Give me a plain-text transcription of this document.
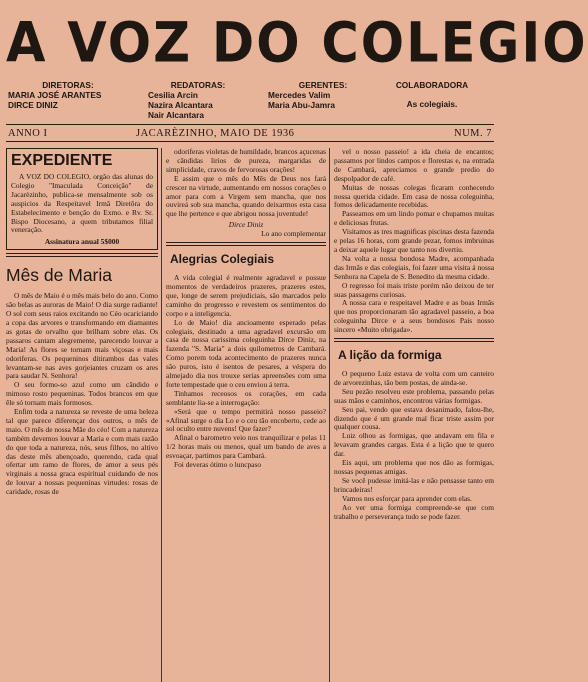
A VOZ DO COLEGIO
DIRETORAS:
MARIA JOSÉ ARANTES
DIRCE DINIZ
REDATORAS:
Cesilia Arcin
Nazira Alcantara
Nair Alcantara
GERENTES:
Mercedes Valim
Maria Abu-Jamra
COLABORADORA
As colegiais.
ANNO I	JACARÈZINHO, MAIO DE 1936	NUM. 7
EXPEDIENTE

A VOZ DO COLEGIO, orgão das alunas do Colegio "Imaculada Conceição" de Jacarèzinho, publica-se mensalmente sob os auspicios da Respeitavel Irmã Diretôra do Estabelecimento e benção do Exmo. e Rv. Sr. Bispo Diocesano, a quem tributamos filial veneração.

Assinatura anual 5$000

Mês de Maria

O mês de Maio é o mês mais belo do ano. Como são belas as auroras de Maio! O dia surge radiante! O sol com seus raios excitando no Céo ocariciando a copa das arvores e transformando em diamantes as gotas de orvalho que brilham sobre elas. Os passaros cantam alegremente, parecendo louvar a Maria! As flores se tornam mais viçosas e mais odoriferas. Os pequeninos ditirambos das vales levantam-se nas aves gorjeiantes cruzam os ares para saudar N. Senhora!

O seu formo-so azul como um cândido e mimoso rosto pequeninas. Todos brancos em que êle só tornam mais formosos.

Enfim toda a natureza se reveste de uma beleza tal que parece diferençar dos outros, o mês de maio. O mês de nossa Mãe do céo! Com a natureza também devemos louvar a Maria e com mais razão do que toda a natureza, nós, seus filhos, no altivo das deste mês abençoado, querendo, cada qual ofertar um ramo de flores, de amor a seus pés virginais a nossa graca espiritual cuidando de nos de louvar a nossas pequeninas virtudes: rosas de caridade, rosas de

odoriferas violetas de humildade, brancos açucenas e cândidas lirios de pureza, margaridas de simplicidade, cravos de fervorosas orações!

E assim que o mês do Mês de Deus nos fará crescer na virtude, aumentando em nossos corações o amor para com a Virgem sem mancha, que nos ouvireá sob sua mancha, quando deixarmos esta casa que lhe pertence e que abrigou nossa juventude!

Dirce Diniz

Lo ano complementar

Alegrias Colegiais

A vida colegial é realmente agradavel e possue momentos de verdadeiros prazeres, prazeres estes, que, longe de serem prejudiciais, são marcados pelo caminho do progresso e revestem os sentimentos do corpo e a inteligencia.

Lo de Maio! dia ancioamente esperado pelas colegiais, destinado a uma agradavel excursão em casa de nossa carissima coleguinha Dirce Diniz, na fazenda "S. Maria" a dois quilometros de Cambará. Como porem toda acontecimento de prazeres nunca são puros, isto é isentos de pesares, a véspera do almejado dia nos trouxe serias apreensões com uma forte tempestade que o ceu enviou á terra.

Tinhamos receosos os corações, em cada semblante lia-se a interrogação:

«Será que o tempo permitirá nosso passeio? «Afinal surge o dia Lo e o ceu tão encoberto, cede ao sol oculto entre nuvens! Que fazer?

Afinal o barometro veio nos tranquilizar e pelas 11 1/2 horas mais ou menos, qual um bando de aves a esvoaçar, partimos para Cambará.

Foi deveras ótimo o luncpaso

vel o nosso passeio! a ida cheia de encantos; passamos por lindos campos e florestas e, na entrada de Cambará, apreciamos o grande predio do despolpador de café.

Muitas de nossas colegas ficaram conhecendo nossa querida cidade. Em casa de nossa coleguinha, fomos delicadamente recebidas.

Passeamos em um lindo pomar e chupamos muitas e deliciosas frutas.

Visitamos as tres magnificas piscinas desta fazenda e pelas 16 horas, com grande pezar, fomos imbruinas a deixar aquele lugar que tanto nos divertiu.

Na volta a nossa bondosa Madre, acompanhada das Irmãs e das colegiais, foi fazer uma visita á nossa Senhora na Capela de S. Benedito da mesma cidade.

O regresso foi mais triste porém não deixou de ter suas passagens curiosas.

A nossa cara e respeitavel Madre e as boas Irmãs que nos proporcionaram tão agradavel passeio, a boa coleguinha Dirce e a seus bondosos Pais nosso sincero «Muito obrigada».

A lição da formiga

O pequeno Luiz estava de volta com um canteiro de arvorezinhas, tão bem postas, de ainda-se.

Seu pezão resolveu este problema, passando pelas suas mãos e caminhos, encontrou várias formigas.

Seu pai, vendo que estava desanimado, falou-lhe, dizendo que é um grande mal ficar triste assim por qualquer cousa.

Luiz olhou as formigas, que andavam em fila e levavam grandes cargas. Esta é a lição que te quero dar.

Eis aqui, um problema que nos dão as formigas, nossas pequenas amigas.

Se você pudesse imitá-las e não pensasse tanto em brincadeiras!

Vamos nos esforçar para aprender com elas.

Ao ver uma formiga compreende-se que com trabalho e perseverança tudo se pode fazer.
